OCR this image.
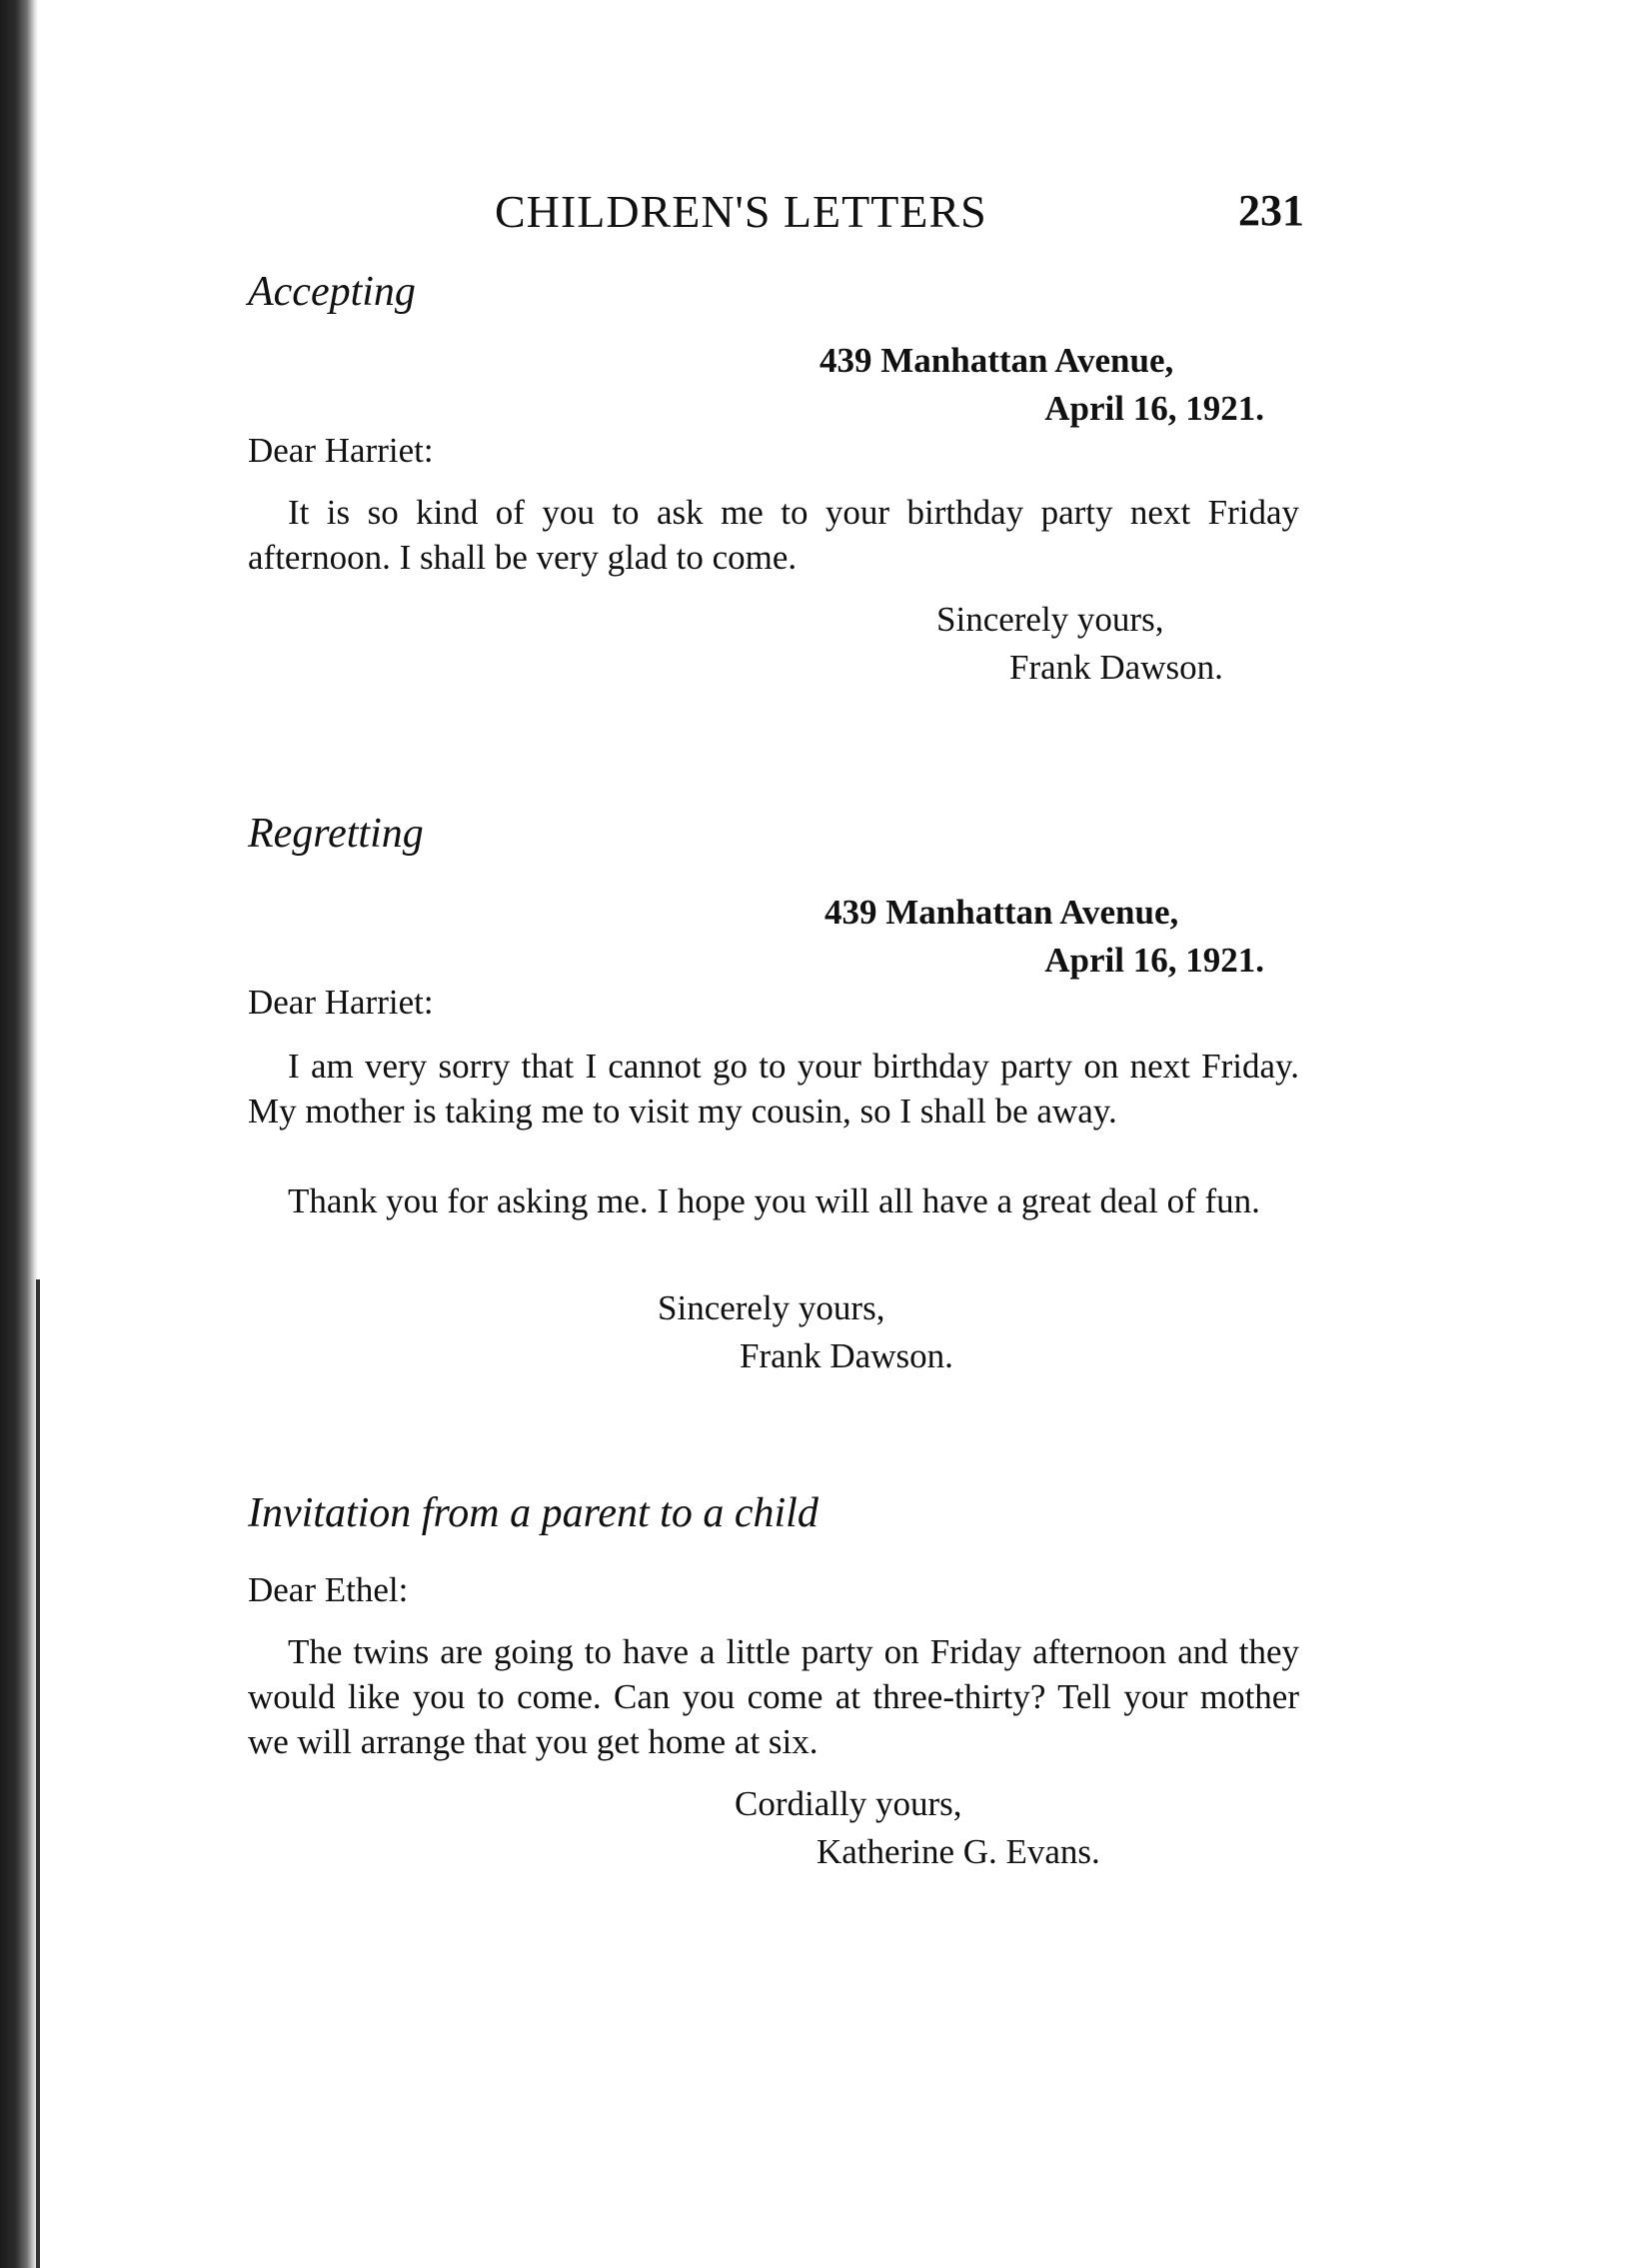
CHILDREN'S LETTERS	231
Accepting
439 Manhattan Avenue,
April 16, 1921.
Dear Harriet:
It is so kind of you to ask me to your birthday party next Friday afternoon. I shall be very glad to come.
Sincerely yours,
Frank Dawson.
Regretting
439 Manhattan Avenue,
April 16, 1921.
Dear Harriet:
I am very sorry that I cannot go to your birthday party on next Friday. My mother is taking me to visit my cousin, so I shall be away.
Thank you for asking me. I hope you will all have a great deal of fun.
Sincerely yours,
Frank Dawson.
Invitation from a parent to a child
Dear Ethel:
The twins are going to have a little party on Friday afternoon and they would like you to come. Can you come at three-thirty? Tell your mother we will arrange that you get home at six.
Cordially yours,
Katherine G. Evans.
